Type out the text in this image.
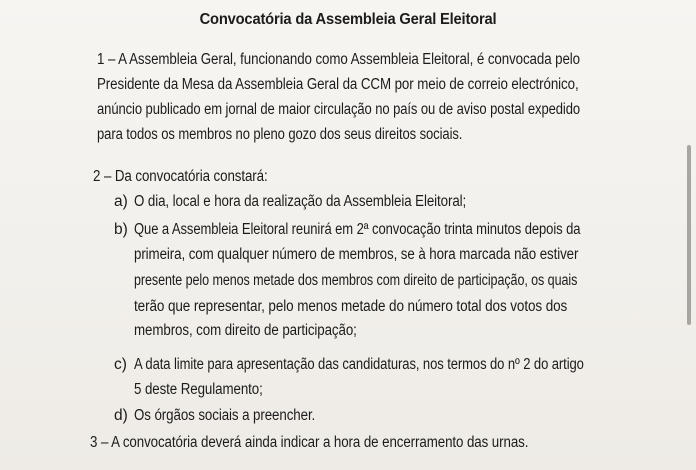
Convocatória da Assembleia Geral Eleitoral
1 – A Assembleia Geral, funcionando como Assembleia Eleitoral, é convocada pelo
Presidente da Mesa da Assembleia Geral da CCM por meio de correio electrónico,
anúncio publicado em jornal de maior circulação no país ou de aviso postal expedido
para todos os membros no pleno gozo dos seus direitos sociais.
2 – Da convocatória constará:
a) O dia, local e hora da realização da Assembleia Eleitoral;
b) Que a Assembleia Eleitoral reunirá em 2ª convocação trinta minutos depois da
primeira, com qualquer número de membros, se à hora marcada não estiver
presente pelo menos metade dos membros com direito de participação, os quais
terão que representar, pelo menos metade do número total dos votos dos
membros, com direito de participação;
c) A data limite para apresentação das candidaturas, nos termos do nº 2 do artigo
5 deste Regulamento;
d) Os órgãos sociais a preencher.
3 – A convocatória deverá ainda indicar a hora de encerramento das urnas.
